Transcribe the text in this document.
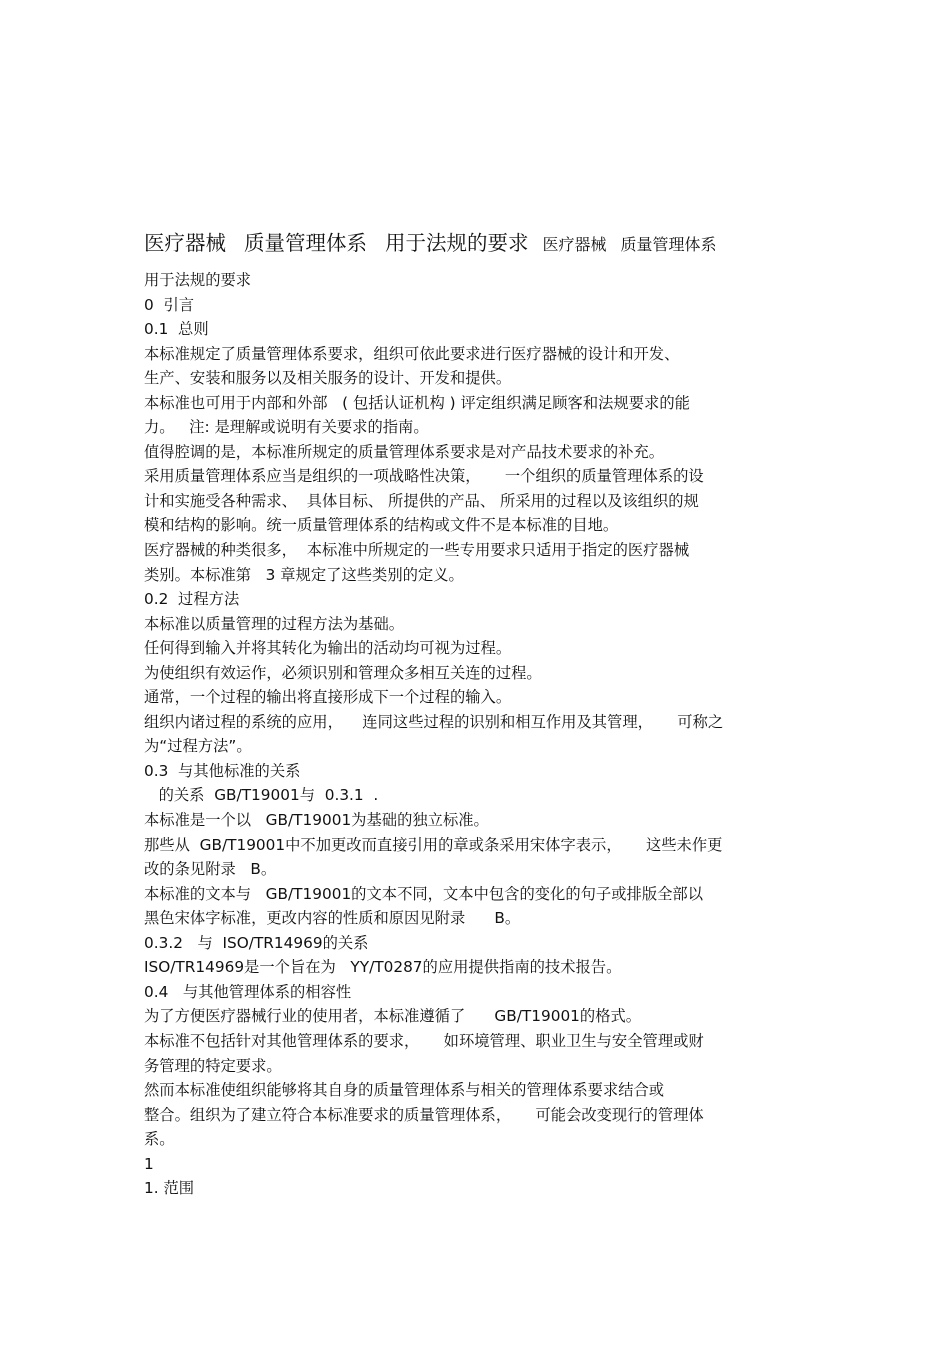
医疗器械 质量管理体系 用于法规的要求 医疗器械 质量管理体系
用于法规的要求
0  引言
0.1  总则
本标准规定了质量管理体系要求，组织可依此要求进行医疗器械的设计和开发、
生产、安装和服务以及相关服务的设计、开发和提供。
本标准也可用于内部和外部   ( 包括认证机构 ) 评定组织满足顾客和法规要求的能
力。   注: 是理解或说明有关要求的指南。
值得腔调的是，本标准所规定的质量管理体系要求是对产品技术要求的补充。
采用质量管理体系应当是组织的一项战略性决策，     一个组织的质量管理体系的设
计和实施受各种需求、  具体目标、 所提供的产品、 所采用的过程以及该组织的规
模和结构的影响。统一质量管理体系的结构或文件不是本标准的目地。
医疗器械的种类很多，  本标准中所规定的一些专用要求只适用于指定的医疗器械
类别。本标准第   3 章规定了这些类别的定义。
0.2  过程方法
本标准以质量管理的过程方法为基础。
任何得到输入并将其转化为输出的活动均可视为过程。
为使组织有效运作，必须识别和管理众多相互关连的过程。
通常，一个过程的输出将直接形成下一个过程的输入。
组织内诸过程的系统的应用，    连同这些过程的识别和相互作用及其管理，     可称之
为“过程方法”。
0.3  与其他标准的关系
的关系  GB/T19001与  0.3.1  .
本标准是一个以   GB/T19001为基础的独立标准。
那些从  GB/T19001中不加更改而直接引用的章或条采用宋体字表示，     这些未作更
改的条见附录   B。
本标准的文本与   GB/T19001的文本不同，文本中包含的变化的句子或排版全部以
黑色宋体字标准，更改内容的性质和原因见附录      B。
0.3.2   与  ISO/TR14969的关系
ISO/TR14969是一个旨在为   YY/T0287的应用提供指南的技术报告。
0.4   与其他管理体系的相容性
为了方便医疗器械行业的使用者，本标准遵循了      GB/T19001的格式。
本标准不包括针对其他管理体系的要求，     如环境管理、职业卫生与安全管理或财
务管理的特定要求。
然而本标准使组织能够将其自身的质量管理体系与相关的管理体系要求结合或
整合。组织为了建立符合本标准要求的质量管理体系，     可能会改变现行的管理体
系。
1
1. 范围
